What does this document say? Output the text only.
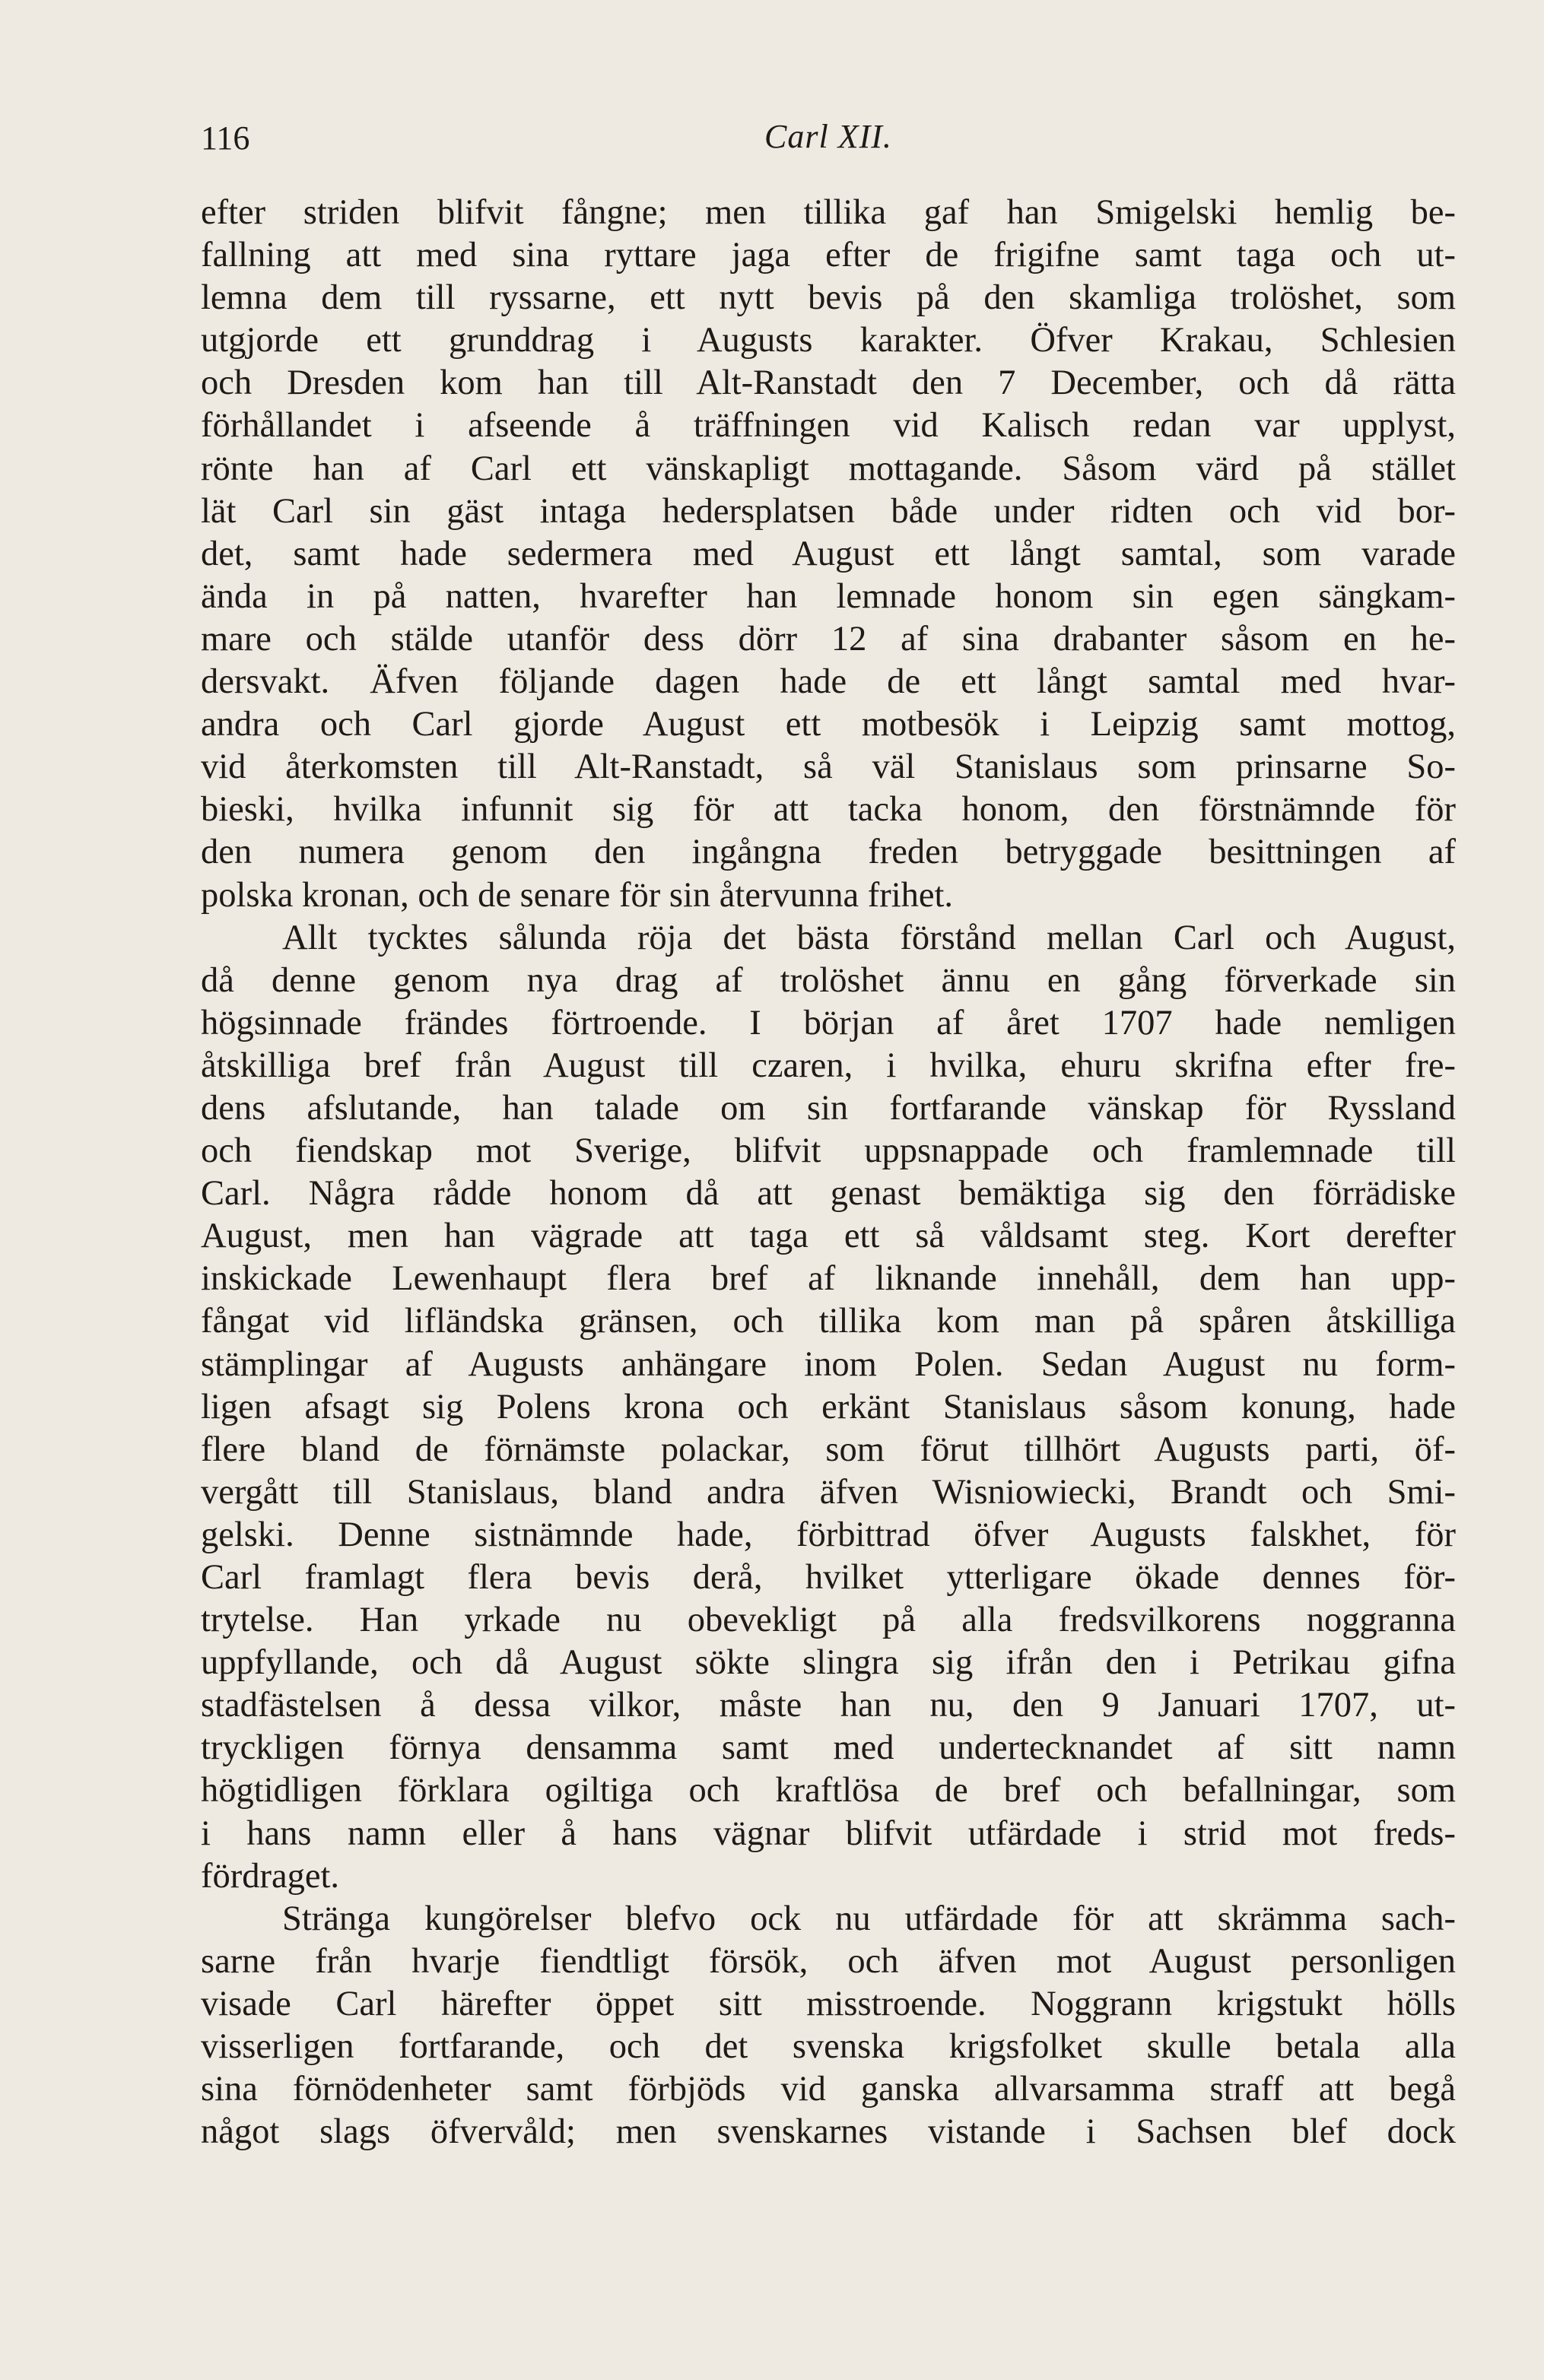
116	Carl XII.
efter striden blifvit fångne; men tillika gaf han Smigelski hemlig be-
fallning att med sina ryttare jaga efter de frigifne samt taga och ut-
lemna dem till ryssarne, ett nytt bevis på den skamliga trolöshet, som
utgjorde ett grunddrag i Augusts karakter. Öfver Krakau, Schlesien
och Dresden kom han till Alt-Ranstadt den 7 December, och då rätta
förhållandet i afseende å träffningen vid Kalisch redan var upplyst,
rönte han af Carl ett vänskapligt mottagande. Såsom värd på stället
lät Carl sin gäst intaga hedersplatsen både under ridten och vid bor-
det, samt hade sedermera med August ett långt samtal, som varade
ända in på natten, hvarefter han lemnade honom sin egen sängkam-
mare och stälde utanför dess dörr 12 af sina drabanter såsom en he-
dersvakt. Äfven följande dagen hade de ett långt samtal med hvar-
andra och Carl gjorde August ett motbesök i Leipzig samt mottog,
vid återkomsten till Alt-Ranstadt, så väl Stanislaus som prinsarne So-
bieski, hvilka infunnit sig för att tacka honom, den förstnämnde för
den numera genom den ingångna freden betryggade besittningen af
polska kronan, och de senare för sin återvunna frihet.
Allt tycktes sålunda röja det bästa förstånd mellan Carl och August,
då denne genom nya drag af trolöshet ännu en gång förverkade sin
högsinnade frändes förtroende. I början af året 1707 hade nemligen
åtskilliga bref från August till czaren, i hvilka, ehuru skrifna efter fre-
dens afslutande, han talade om sin fortfarande vänskap för Ryssland
och fiendskap mot Sverige, blifvit uppsnappade och framlemnade till
Carl. Några rådde honom då att genast bemäktiga sig den förrädiske
August, men han vägrade att taga ett så våldsamt steg. Kort derefter
inskickade Lewenhaupt flera bref af liknande innehåll, dem han upp-
fångat vid lifländska gränsen, och tillika kom man på spåren åtskilliga
stämplingar af Augusts anhängare inom Polen. Sedan August nu form-
ligen afsagt sig Polens krona och erkänt Stanislaus såsom konung, hade
flere bland de förnämste polackar, som förut tillhört Augusts parti, öf-
vergått till Stanislaus, bland andra äfven Wisniowiecki, Brandt och Smi-
gelski. Denne sistnämnde hade, förbittrad öfver Augusts falskhet, för
Carl framlagt flera bevis derå, hvilket ytterligare ökade dennes för-
trytelse. Han yrkade nu obevekligt på alla fredsvilkorens noggranna
uppfyllande, och då August sökte slingra sig ifrån den i Petrikau gifna
stadfästelsen å dessa vilkor, måste han nu, den 9 Januari 1707, ut-
tryckligen förnya densamma samt med undertecknandet af sitt namn
högtidligen förklara ogiltiga och kraftlösa de bref och befallningar, som
i hans namn eller å hans vägnar blifvit utfärdade i strid mot freds-
fördraget.
Stränga kungörelser blefvo ock nu utfärdade för att skrämma sach-
sarne från hvarje fiendtligt försök, och äfven mot August personligen
visade Carl härefter öppet sitt misstroende. Noggrann krigstukt hölls
visserligen fortfarande, och det svenska krigsfolket skulle betala alla
sina förnödenheter samt förbjöds vid ganska allvarsamma straff att begå
något slags öfvervåld; men svenskarnes vistande i Sachsen blef dock
